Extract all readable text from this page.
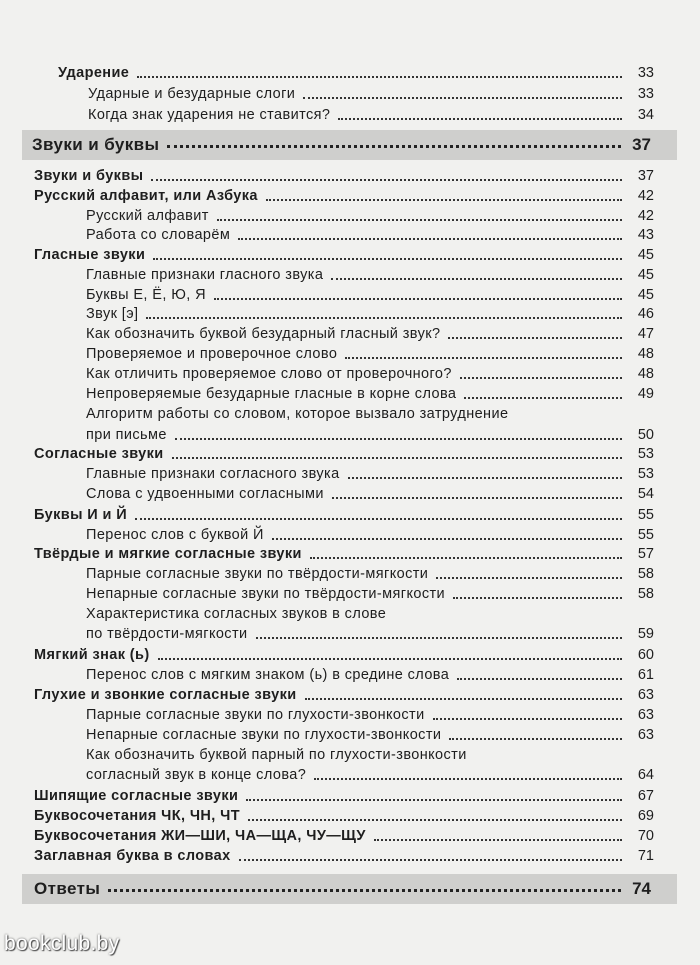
Ударение	33
Ударные и безударные слоги	33
Когда знак ударения не ставится?	34
Звуки и буквы	37
Звуки и буквы	37
Русский алфавит, или Азбука	42
Русский алфавит	42
Работа со словарём	43
Гласные звуки	45
Главные признаки гласного звука	45
Буквы Е, Ё, Ю, Я	45
Звук [э]	46
Как обозначить буквой безударный гласный звук?	47
Проверяемое и проверочное слово	48
Как отличить проверяемое слово от проверочного?	48
Непроверяемые безударные гласные в корне слова	49
Алгоритм работы со словом, которое вызвало затруднение
при письме	50
Согласные звуки	53
Главные признаки согласного звука	53
Слова с удвоенными согласными	54
Буквы И и Й	55
Перенос слов с буквой Й	55
Твёрдые и мягкие согласные звуки	57
Парные согласные звуки по твёрдости-мягкости	58
Непарные согласные звуки по твёрдости-мягкости	58
Характеристика согласных звуков в слове
по твёрдости-мягкости	59
Мягкий знак (ь)	60
Перенос слов с мягким знаком (ь) в средине слова	61
Глухие и звонкие согласные звуки	63
Парные согласные звуки по глухости-звонкости	63
Непарные согласные звуки по глухости-звонкости	63
Как обозначить буквой парный по глухости-звонкости
согласный звук в конце слова?	64
Шипящие согласные звуки	67
Буквосочетания ЧК, ЧН, ЧТ	69
Буквосочетания ЖИ—ШИ, ЧА—ЩА, ЧУ—ЩУ	70
Заглавная буква в словах	71
Ответы	74
bookclub.by
